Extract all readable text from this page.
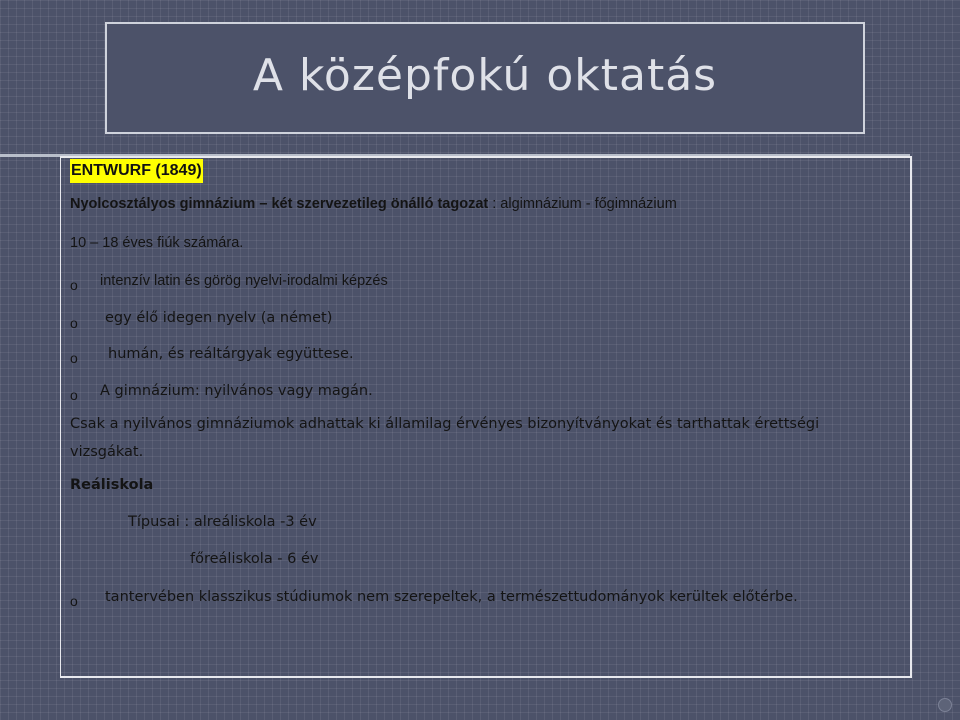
A középfokú oktatás
ENTWURF (1849)
Nyolcosztályos gimnázium – két szervezetileg önálló tagozat : algimnázium - főgimnázium
10 – 18 éves fiúk számára.
o intenzív latin és görög nyelvi-irodalmi képzés
o egy élő idegen nyelv (a német)
o humán, és reáltárgyak együttese.
o A gimnázium: nyilvános vagy magán.
Csak a nyilvános gimnáziumok adhattak ki államilag érvényes bizonyítványokat és tarthattak érettségi
vizsgákat.
Reáliskola
Típusai : alreáliskola -3 év
főreáliskola - 6 év
o tantervében klasszikus stúdiumok nem szerepeltek, a természettudományok kerültek előtérbe.
